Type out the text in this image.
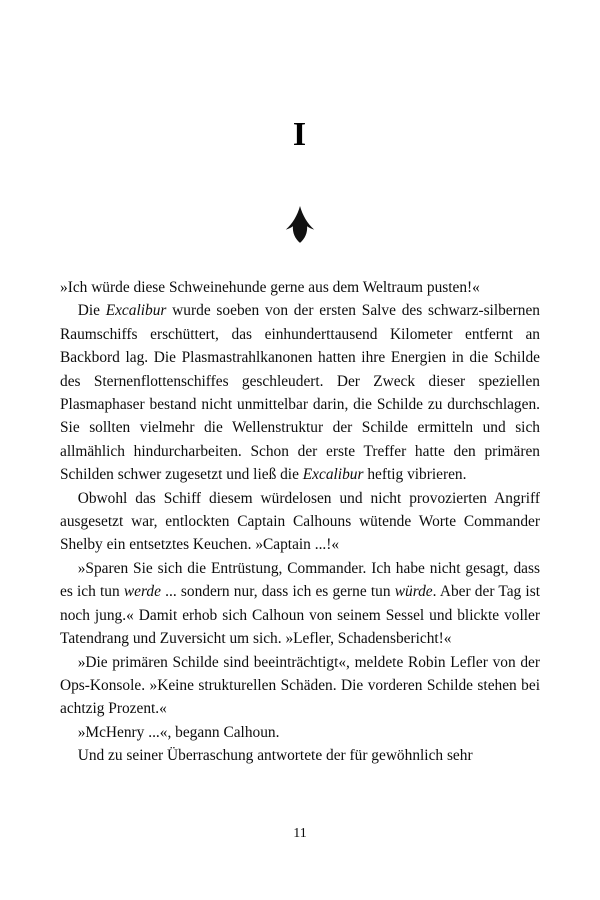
I

»Ich würde diese Schweinehunde gerne aus dem Weltraum pusten!«

Die Excalibur wurde soeben von der ersten Salve des schwarz-silbernen Raumschiffs erschüttert, das einhunderttausend Kilometer entfernt an Backbord lag. Die Plasmastrahlkanonen hatten ihre Energien in die Schilde des Sternenflottenschiffes geschleudert. Der Zweck dieser speziellen Plasmaphaser bestand nicht unmittelbar darin, die Schilde zu durchschlagen. Sie sollten vielmehr die Wellenstruktur der Schilde ermitteln und sich allmählich hindurcharbeiten. Schon der erste Treffer hatte den primären Schilden schwer zugesetzt und ließ die Excalibur heftig vibrieren.

Obwohl das Schiff diesem würdelosen und nicht provozierten Angriff ausgesetzt war, entlockten Captain Calhouns wütende Worte Commander Shelby ein entsetztes Keuchen. »Captain ...!«

»Sparen Sie sich die Entrüstung, Commander. Ich habe nicht gesagt, dass es ich tun werde ... sondern nur, dass ich es gerne tun würde. Aber der Tag ist noch jung.« Damit erhob sich Calhoun von seinem Sessel und blickte voller Tatendrang und Zuversicht um sich. »Lefler, Schadensbericht!«

»Die primären Schilde sind beeinträchtigt«, meldete Robin Lefler von der Ops-Konsole. »Keine strukturellen Schäden. Die vorderen Schilde stehen bei achtzig Prozent.«

»McHenry ...«, begann Calhoun.

Und zu seiner Überraschung antwortete der für gewöhnlich sehr

11
